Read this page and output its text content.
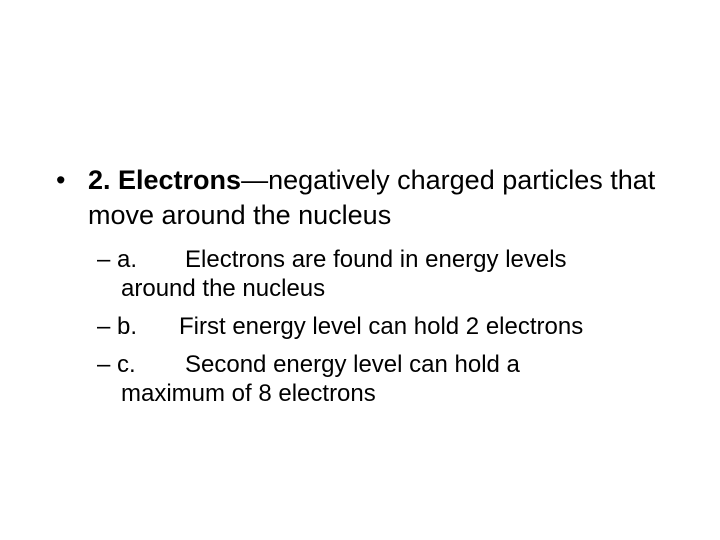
• 2. Electrons—negatively charged particles that move around the nucleus
– a.	Electrons are found in energy levels
around the nucleus
– b.	First energy level can hold 2 electrons
– c.	Second energy level can hold a
maximum of 8 electrons
